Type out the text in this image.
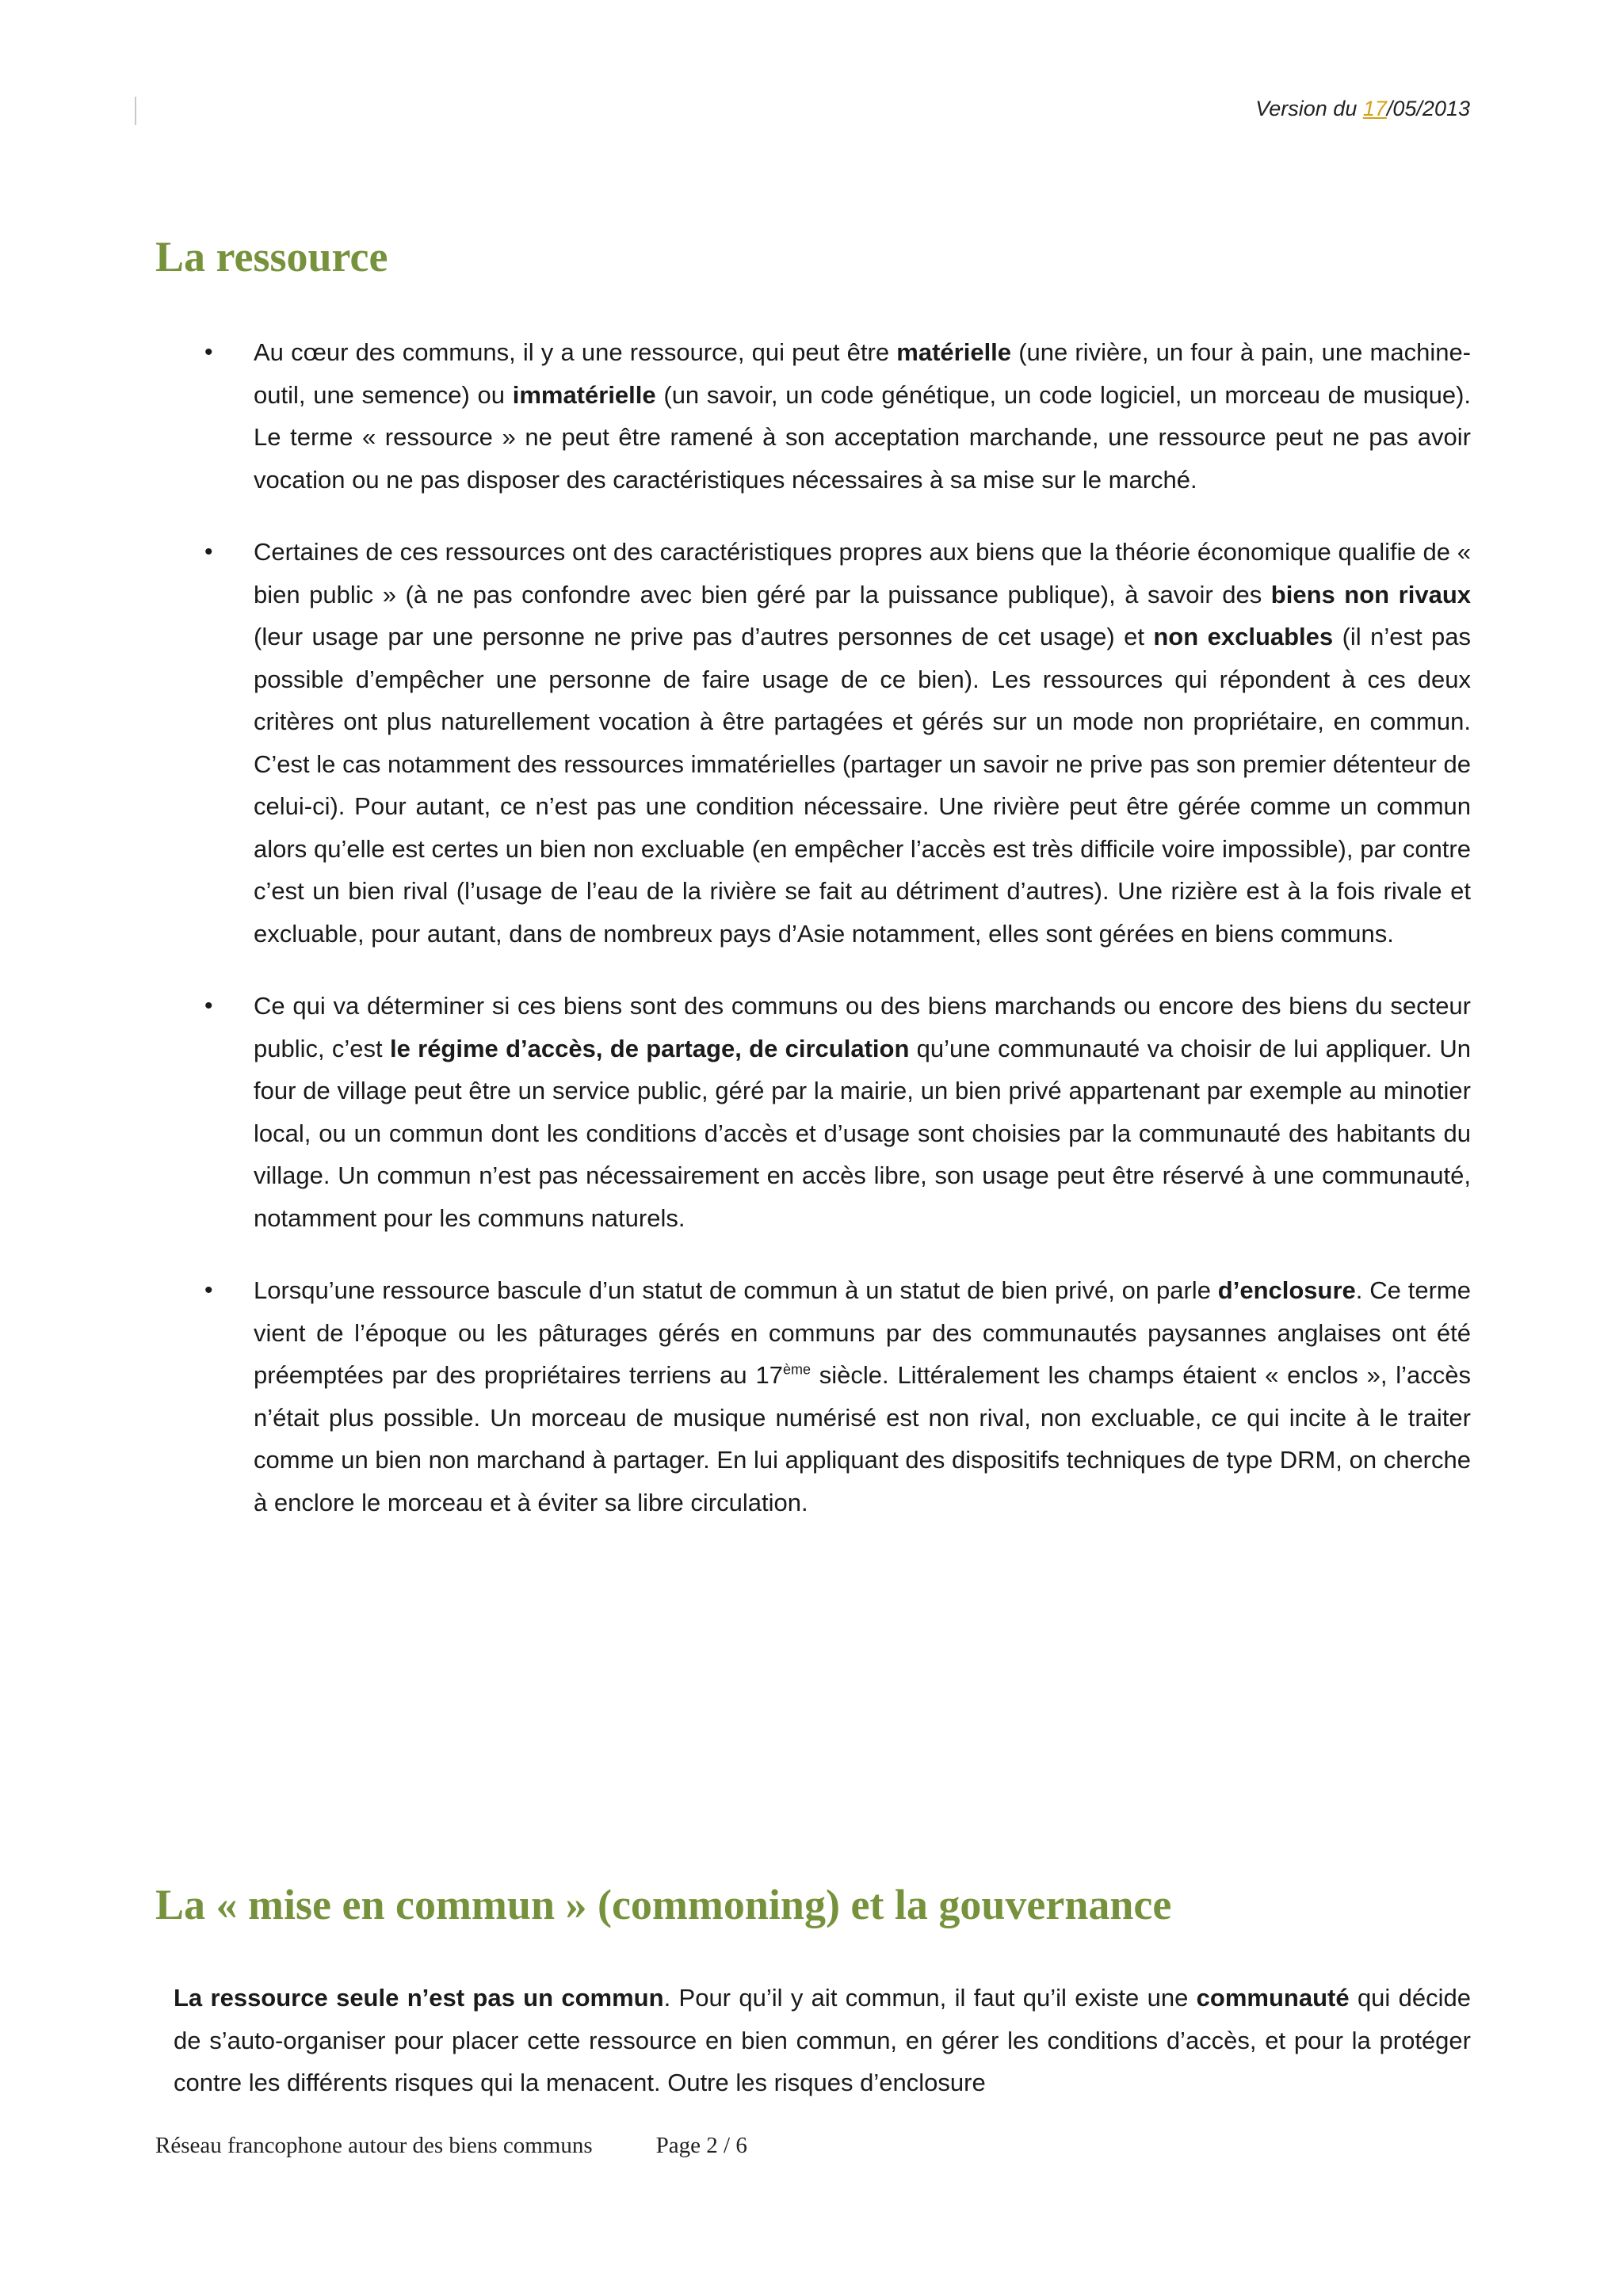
Version du 17/05/2013
La ressource
• Au cœur des communs, il y a une ressource, qui peut être matérielle (une rivière, un four à pain, une machine-outil, une semence) ou immatérielle (un savoir, un code génétique, un code logiciel, un morceau de musique). Le terme « ressource » ne peut être ramené à son acceptation marchande, une ressource peut ne pas avoir vocation ou ne pas disposer des caractéristiques nécessaires à sa mise sur le marché.

• Certaines de ces ressources ont des caractéristiques propres aux biens que la théorie économique qualifie de « bien public » (à ne pas confondre avec bien géré par la puissance publique), à savoir des biens non rivaux (leur usage par une personne ne prive pas d’autres personnes de cet usage) et non excluables (il n’est pas possible d’empêcher une personne de faire usage de ce bien). Les ressources qui répondent à ces deux critères ont plus naturellement vocation à être partagées et gérés sur un mode non propriétaire, en commun. C’est le cas notamment des ressources immatérielles (partager un savoir ne prive pas son premier détenteur de celui-ci). Pour autant, ce n’est pas une condition nécessaire. Une rivière peut être gérée comme un commun alors qu’elle est certes un bien non excluable (en empêcher l’accès est très difficile voire impossible), par contre c’est un bien rival (l’usage de l’eau de la rivière se fait au détriment d’autres). Une rizière est à la fois rivale et excluable, pour autant, dans de nombreux pays d’Asie notamment, elles sont gérées en biens communs.

• Ce qui va déterminer si ces biens sont des communs ou des biens marchands ou encore des biens du secteur public, c’est le régime d’accès, de partage, de circulation qu’une communauté va choisir de lui appliquer. Un four de village peut être un service public, géré par la mairie, un bien privé appartenant par exemple au minotier local, ou un commun dont les conditions d’accès et d’usage sont choisies par la communauté des habitants du village. Un commun n’est pas nécessairement en accès libre, son usage peut être réservé à une communauté, notamment pour les communs naturels.

• Lorsqu’une ressource bascule d’un statut de commun à un statut de bien privé, on parle d’enclosure. Ce terme vient de l’époque ou les pâturages gérés en communs par des communautés paysannes anglaises ont été préemptées par des propriétaires terriens au 17ème siècle. Littéralement les champs étaient « enclos », l’accès n’était plus possible. Un morceau de musique numérisé est non rival, non excluable, ce qui incite à le traiter comme un bien non marchand à partager. En lui appliquant des dispositifs techniques de type DRM, on cherche à enclore le morceau et à éviter sa libre circulation.

La « mise en commun » (commoning) et la gouvernance

La ressource seule n’est pas un commun. Pour qu’il y ait commun, il faut qu’il existe une communauté qui décide de s’auto-organiser pour placer cette ressource en bien commun, en gérer les conditions d’accès, et pour la protéger contre les différents risques qui la menacent. Outre les risques d’enclosure

Réseau francophone autour des biens communs	Page 2 / 6
